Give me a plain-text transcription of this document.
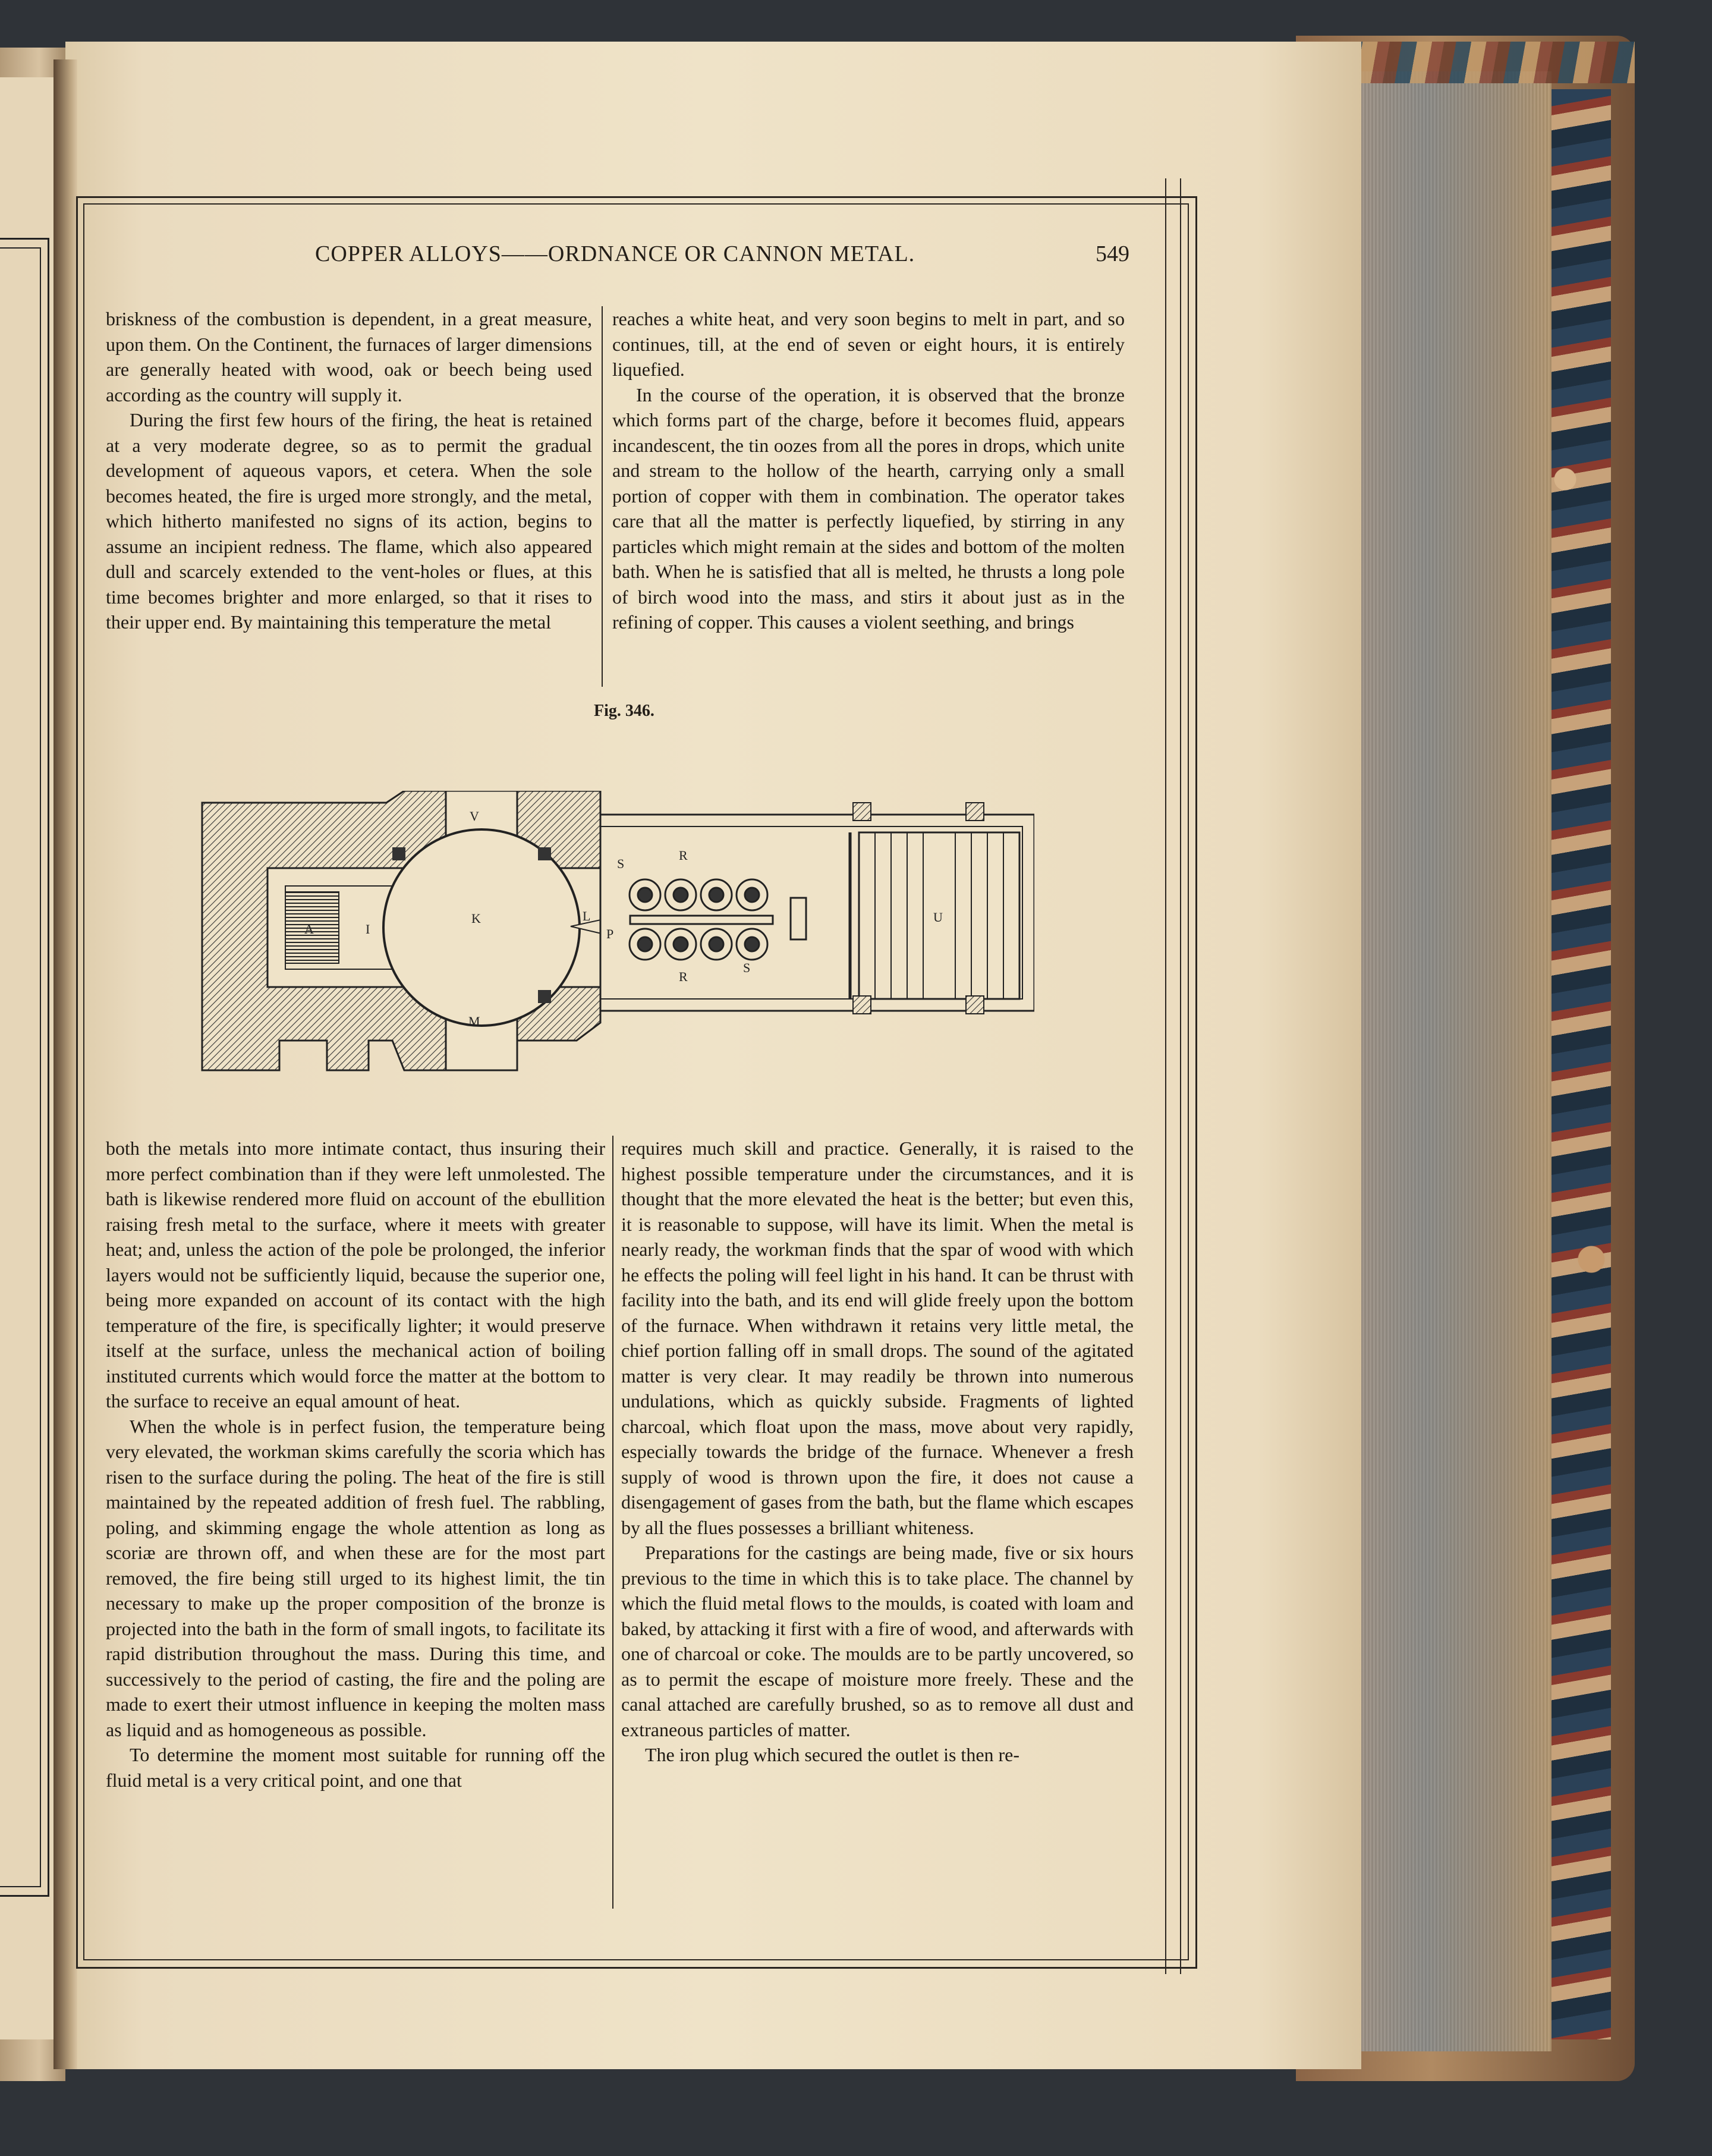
COPPER ALLOYS——ORDNANCE OR CANNON METAL.	549

briskness of the combustion is dependent, in a great measure, upon them. On the Continent, the furnaces of larger dimensions are generally heated with wood, oak or beech being used according as the country will supply it.

During the first few hours of the firing, the heat is retained at a very moderate degree, so as to permit the gradual development of aqueous vapors, et cetera. When the sole becomes heated, the fire is urged more strongly, and the metal, which hitherto manifested no signs of its action, begins to assume an incipient redness. The flame, which also appeared dull and scarcely extended to the vent-holes or flues, at this time becomes brighter and more enlarged, so that it rises to their upper end. By maintaining this temperature the metal

reaches a white heat, and very soon begins to melt in part, and so continues, till, at the end of seven or eight hours, it is entirely liquefied.

In the course of the operation, it is observed that the bronze which forms part of the charge, before it becomes fluid, appears incandescent, the tin oozes from all the pores in drops, which unite and stream to the hollow of the hearth, carrying only a small portion of copper with them in combination. The operator takes care that all the matter is perfectly liquefied, by stirring in any particles which might remain at the sides and bottom of the molten bath. When he is satisfied that all is melted, he thrusts a long pole of birch wood into the mass, and stirs it about just as in the refining of copper. This causes a violent seething, and brings

Fig. 346.
A	I
K
V
M
L
P
R
R
S
S
U

both the metals into more intimate contact, thus insuring their more perfect combination than if they were left unmolested. The bath is likewise rendered more fluid on account of the ebullition raising fresh metal to the surface, where it meets with greater heat; and, unless the action of the pole be prolonged, the inferior layers would not be sufficiently liquid, because the superior one, being more expanded on account of its contact with the high temperature of the fire, is specifically lighter; it would preserve itself at the surface, unless the mechanical action of boiling instituted currents which would force the matter at the bottom to the surface to receive an equal amount of heat.

When the whole is in perfect fusion, the temperature being very elevated, the workman skims carefully the scoria which has risen to the surface during the poling. The heat of the fire is still maintained by the repeated addition of fresh fuel. The rabbling, poling, and skimming engage the whole attention as long as scoriæ are thrown off, and when these are for the most part removed, the fire being still urged to its highest limit, the tin necessary to make up the proper composition of the bronze is projected into the bath in the form of small ingots, to facilitate its rapid distribution throughout the mass. During this time, and successively to the period of casting, the fire and the poling are made to exert their utmost influence in keeping the molten mass as liquid and as homogeneous as possible.

To determine the moment most suitable for running off the fluid metal is a very critical point, and one that

requires much skill and practice. Generally, it is raised to the highest possible temperature under the circumstances, and it is thought that the more elevated the heat is the better; but even this, it is reasonable to suppose, will have its limit. When the metal is nearly ready, the workman finds that the spar of wood with which he effects the poling will feel light in his hand. It can be thrust with facility into the bath, and its end will glide freely upon the bottom of the furnace. When withdrawn it retains very little metal, the chief portion falling off in small drops. The sound of the agitated matter is very clear. It may readily be thrown into numerous undulations, which as quickly subside. Fragments of lighted charcoal, which float upon the mass, move about very rapidly, especially towards the bridge of the furnace. Whenever a fresh supply of wood is thrown upon the fire, it does not cause a disengagement of gases from the bath, but the flame which escapes by all the flues possesses a brilliant whiteness.

Preparations for the castings are being made, five or six hours previous to the time in which this is to take place. The channel by which the fluid metal flows to the moulds, is coated with loam and baked, by attacking it first with a fire of wood, and afterwards with one of charcoal or coke. The moulds are to be partly uncovered, so as to permit the escape of moisture more freely. These and the canal attached are carefully brushed, so as to remove all dust and extraneous particles of matter.

The iron plug which secured the outlet is then re-
